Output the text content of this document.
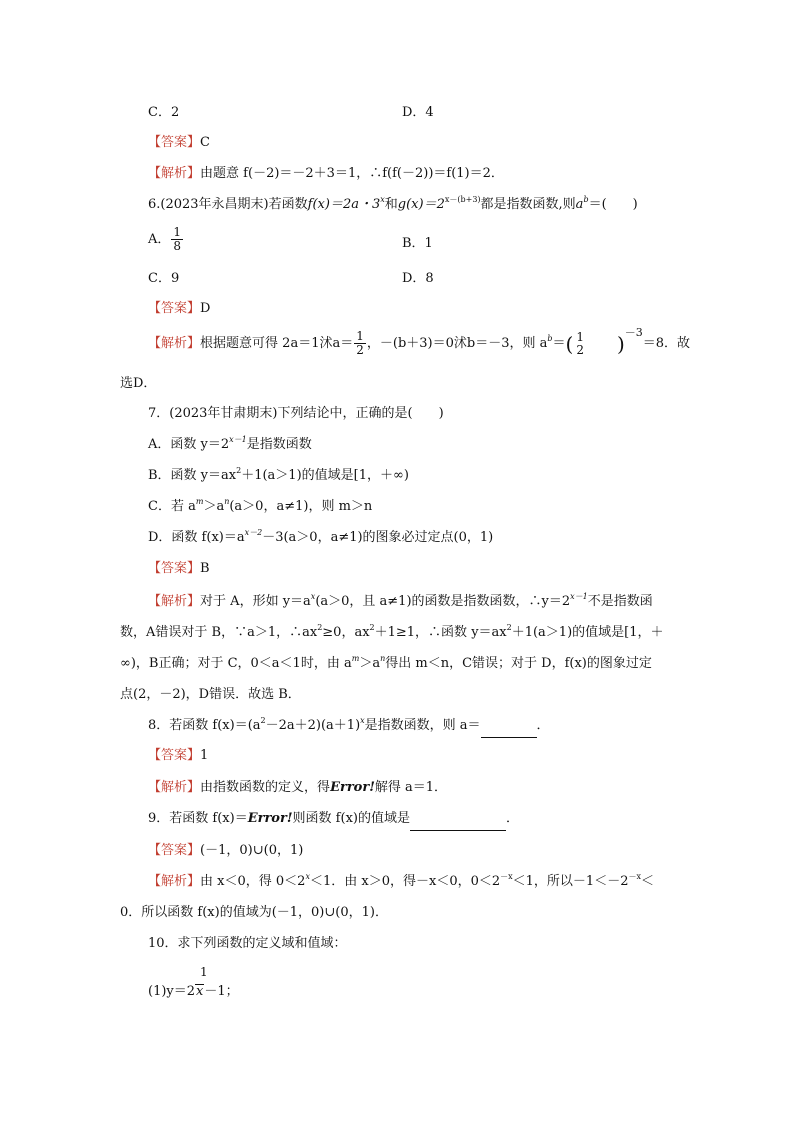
C．2	D．4
【答案】C
【解析】由题意 f(－2)＝－2＋3＝1，∴f(f(－2))＝f(1)＝2．
6.(2023年永昌期末)若函数f(x)＝2a・3$^x$和$g(x)=2^{x-(b+3)}$都是指数函数,则$a^b=$(　　)
A． $\frac{1}{8}$	B．1
C．9	D．8
【答案】D
【解析】根据题意可得 2a＝1沭$a= \frac{1}{2}$ ，－(b＋3)＝0沭b＝－3，则 $a^b=$( 1
2 )$^{-3}$＝8．故
选D．
7．(2023年甘肃期末)下列结论中，正确的是(　　)
A．函数 $y=2^{x-1}$是指数函数
B．函数 $y=ax^2+1(a>1)$的值域是[1，＋∞)
C．若 $a^m>a^n(a>0$，a≠1)，则 m＞n
D．函数 $f(x)=a^{x-2}-3(a>0$，a≠1)的图象必过定点(0，1)
【答案】B
【解析】对于 A，形如 $y=a^x(a>0$，且 a≠1)的函数是指数函数，$\therefore y=2^{x-1}$不是指数函
数，A错误对于 B，∵a＞1，$\therefore ax^2\ge 0$，$ax^2+1\ge 1$，∴函数 $y=ax^2+1(a>1)$的值域是[1，＋
∞)，B正确；对于 C，0＜a＜1时，由 $a^m>a^n$得出 m＜n，C错误；对于 D，f(x)的图象过定
点(2，－2)，D错误．故选 B．
8．若函数 $f(x)=(a^2-2a+2)(a+1)^x$是指数函数，则 a＝	．
【答案】1
【解析】由指数函数的定义，得Error!解得 a＝1．
9．若函数 f(x)＝Error!则函数 f(x)的值域是	．
【答案】(－1，0)∪(0，1)
【解析】由 x＜0，得 $0<2^x<1$．由 x＞0，得－x＜0，$0<2^{-x}<1$，所以$-1<-2^{-x}<$
0．所以函数 f(x)的值域为(－1，0)∪(0，1)．
10．求下列函数的定义域和值域：
1
(1)y＝2x－1；
